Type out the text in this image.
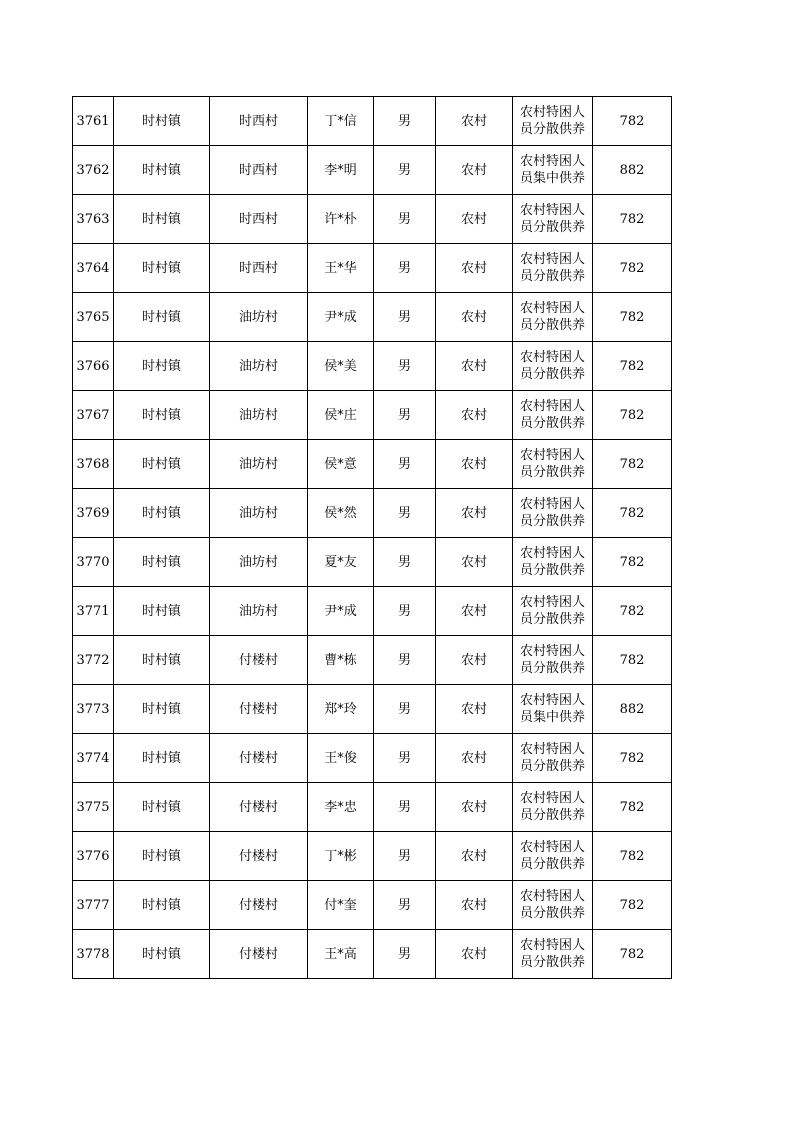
3761	时村镇	时西村	丁*信	男	农村	农村特困人员分散供养	782
3762	时村镇	时西村	李*明	男	农村	农村特困人员集中供养	882
3763	时村镇	时西村	许*朴	男	农村	农村特困人员分散供养	782
3764	时村镇	时西村	王*华	男	农村	农村特困人员分散供养	782
3765	时村镇	油坊村	尹*成	男	农村	农村特困人员分散供养	782
3766	时村镇	油坊村	侯*美	男	农村	农村特困人员分散供养	782
3767	时村镇	油坊村	侯*庄	男	农村	农村特困人员分散供养	782
3768	时村镇	油坊村	侯*意	男	农村	农村特困人员分散供养	782
3769	时村镇	油坊村	侯*然	男	农村	农村特困人员分散供养	782
3770	时村镇	油坊村	夏*友	男	农村	农村特困人员分散供养	782
3771	时村镇	油坊村	尹*成	男	农村	农村特困人员分散供养	782
3772	时村镇	付楼村	曹*栋	男	农村	农村特困人员分散供养	782
3773	时村镇	付楼村	郑*玲	男	农村	农村特困人员集中供养	882
3774	时村镇	付楼村	王*俊	男	农村	农村特困人员分散供养	782
3775	时村镇	付楼村	李*忠	男	农村	农村特困人员分散供养	782
3776	时村镇	付楼村	丁*彬	男	农村	农村特困人员分散供养	782
3777	时村镇	付楼村	付*奎	男	农村	农村特困人员分散供养	782
3778	时村镇	付楼村	王*高	男	农村	农村特困人员分散供养	782
